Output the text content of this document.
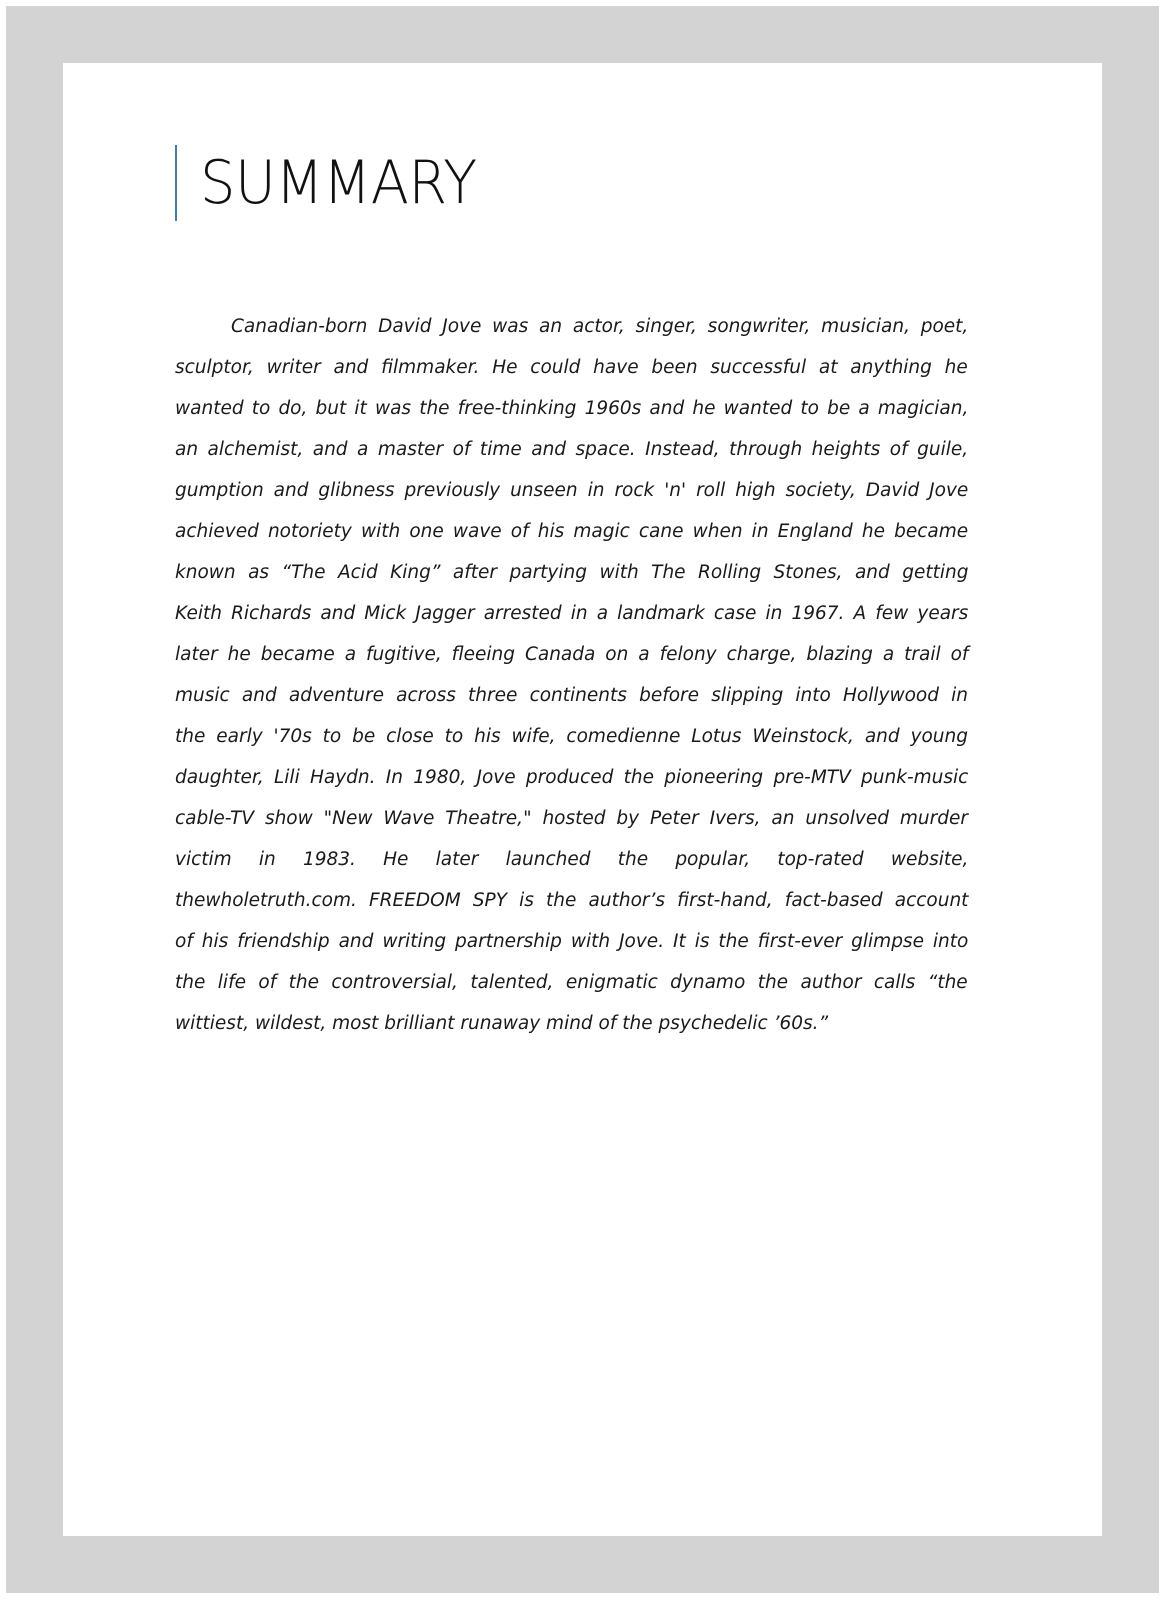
SUMMARY
Canadian-born David Jove was an actor, singer, songwriter, musician, poet,
sculptor, writer and filmmaker. He could have been successful at anything he
wanted to do, but it was the free-thinking 1960s and he wanted to be a magician,
an alchemist, and a master of time and space. Instead, through heights of guile,
gumption and glibness previously unseen in rock 'n' roll high society, David Jove
achieved notoriety with one wave of his magic cane when in England he became
known as “The Acid King” after partying with The Rolling Stones, and getting
Keith Richards and Mick Jagger arrested in a landmark case in 1967. A few years
later he became a fugitive, fleeing Canada on a felony charge, blazing a trail of
music and adventure across three continents before slipping into Hollywood in
the early '70s to be close to his wife, comedienne Lotus Weinstock, and young
daughter, Lili Haydn. In 1980, Jove produced the pioneering pre-MTV punk-music
cable-TV show "New Wave Theatre," hosted by Peter Ivers, an unsolved murder
victim in 1983. He later launched the popular, top-rated website,
thewholetruth.com. FREEDOM SPY is the author’s first-hand, fact-based account
of his friendship and writing partnership with Jove. It is the first-ever glimpse into
the life of the controversial, talented, enigmatic dynamo the author calls “the
wittiest, wildest, most brilliant runaway mind of the psychedelic ’60s.”
